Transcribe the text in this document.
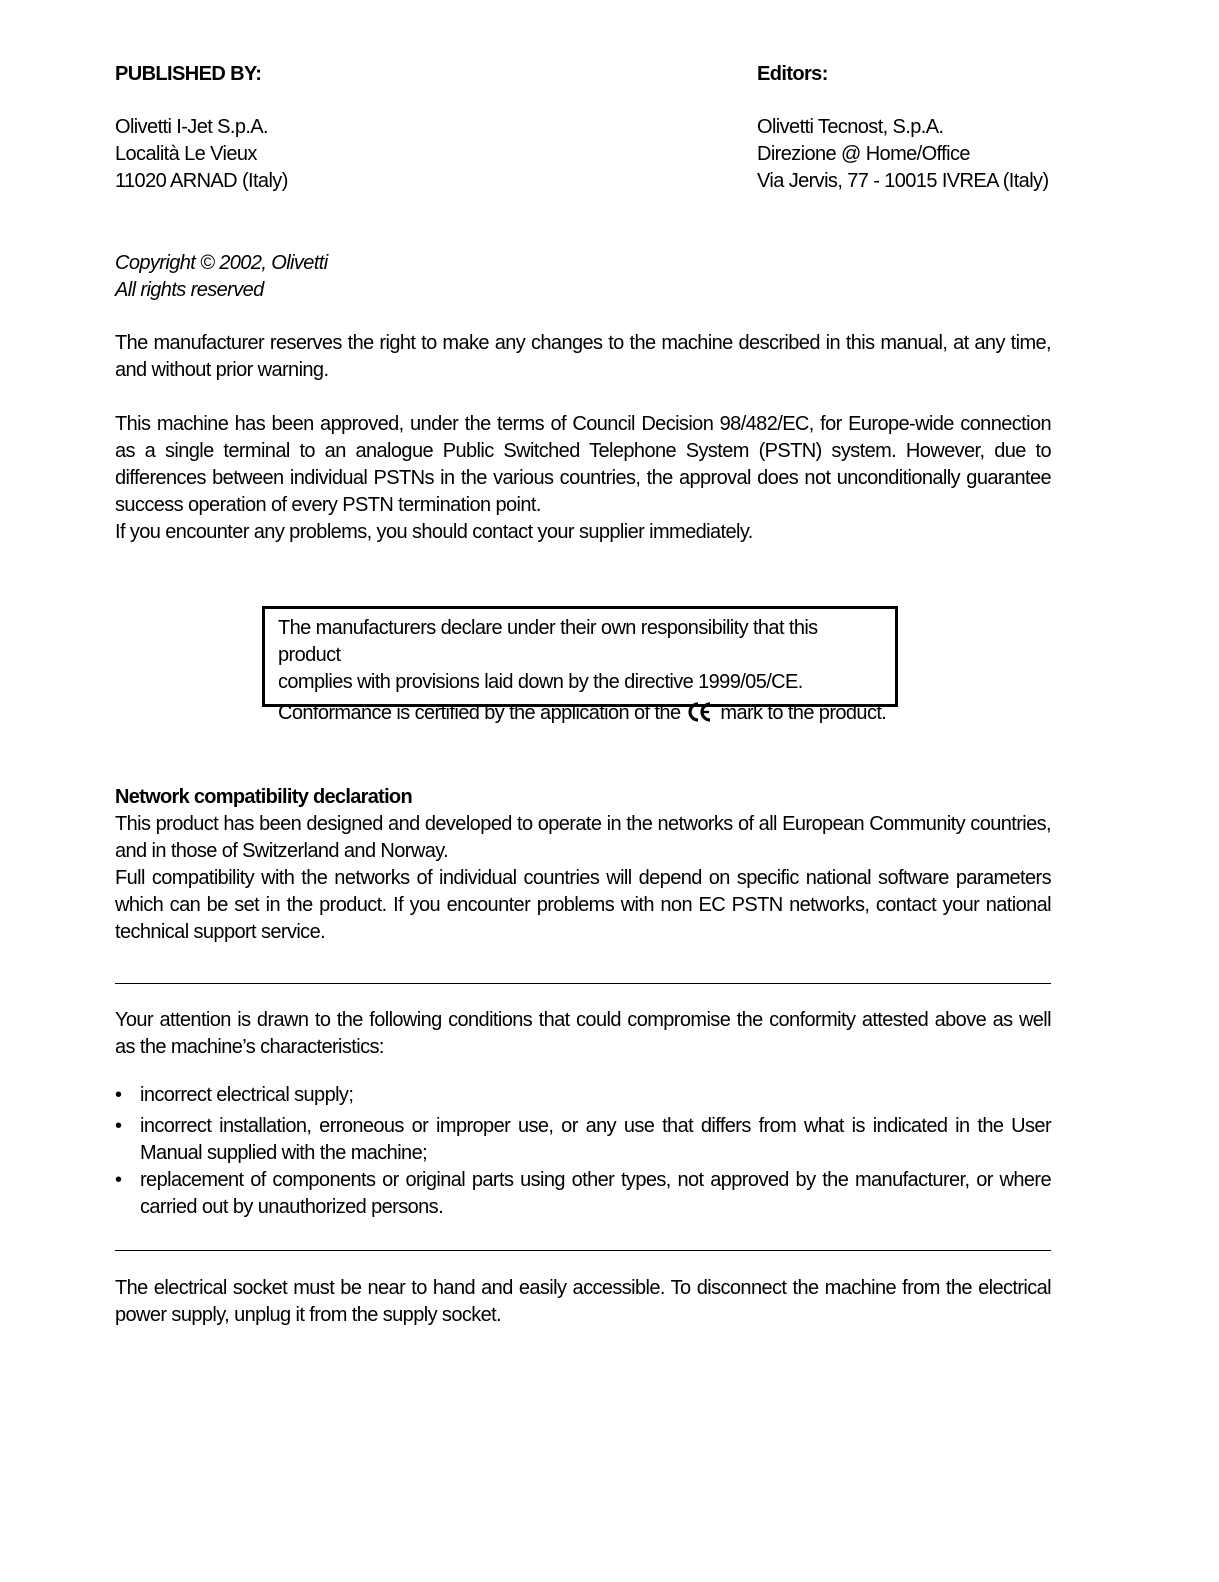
PUBLISHED BY:
Olivetti I-Jet S.p.A.
Località Le Vieux
11020 ARNAD (Italy)
Editors:
Olivetti Tecnost, S.p.A.
Direzione @ Home/Office
Via Jervis, 77 - 10015 IVREA (Italy)
Copyright © 2002, Olivetti
All rights reserved
The manufacturer reserves the right to make any changes to the machine described in this manual, at any time, and without prior warning.
This machine has been approved, under the terms of Council Decision 98/482/EC, for Europe-wide connection as a single terminal to an analogue Public Switched Telephone System (PSTN) system. However, due to differences between individual PSTNs in the various countries, the approval does not unconditionally guarantee success operation of every PSTN termination point.
If you encounter any problems, you should contact your supplier immediately.
The manufacturers declare under their own responsibility that this product
complies with provisions laid down by the directive 1999/05/CE.
Conformance is certified by the application of the mark to the product.
Network compatibility declaration
This product has been designed and developed to operate in the networks of all European Community countries, and in those of Switzerland and Norway.
Full compatibility with the networks of individual countries will depend on specific national software parameters which can be set in the product. If you encounter problems with non EC PSTN networks, contact your national technical support service.
Your attention is drawn to the following conditions that could compromise the conformity attested above as well as the machine’s characteristics:
• incorrect electrical supply;
• incorrect installation, erroneous or improper use, or any use that differs from what is indicated in the User Manual supplied with the machine;
• replacement of components or original parts using other types, not approved by the manufacturer, or where carried out by unauthorized persons.
The electrical socket must be near to hand and easily accessible. To disconnect the machine from the electrical power supply, unplug it from the supply socket.
